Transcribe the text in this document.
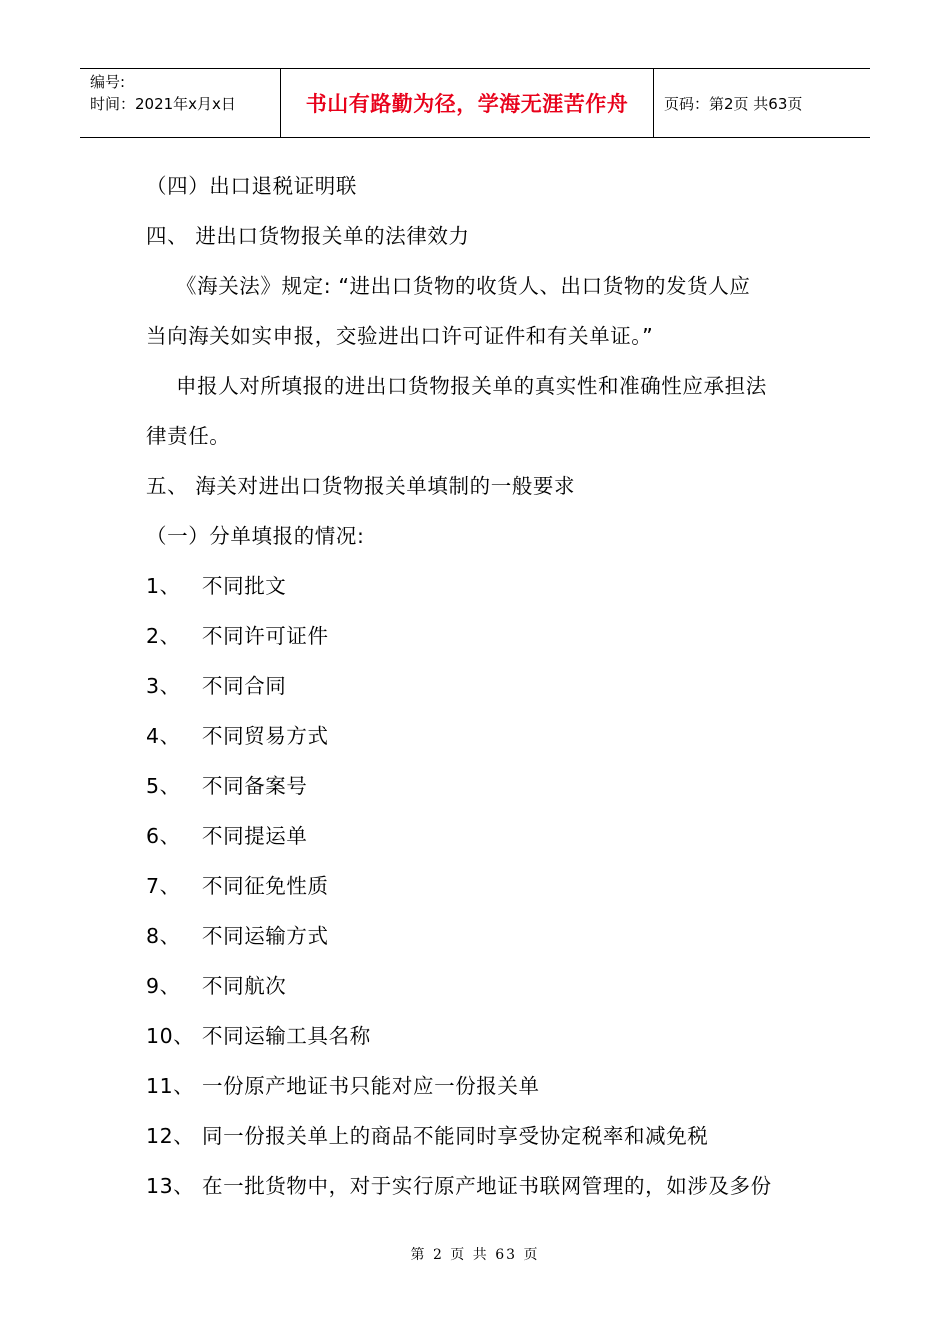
编号:
时间：2021年x月x日	书山有路勤为径，学海无涯苦作舟	页码：第2页 共63页
（四）出口退税证明联
四、 进出口货物报关单的法律效力
《海关法》规定: “进出口货物的收货人、出口货物的发货人应
当向海关如实申报，交验进出口许可证件和有关单证。”
申报人对所填报的进出口货物报关单的真实性和准确性应承担法
律责任。
五、 海关对进出口货物报关单填制的一般要求
（一）分单填报的情况:
1、 不同批文
2、 不同许可证件
3、 不同合同
4、 不同贸易方式
5、 不同备案号
6、 不同提运单
7、 不同征免性质
8、 不同运输方式
9、 不同航次
10、 不同运输工具名称
11、 一份原产地证书只能对应一份报关单
12、 同一份报关单上的商品不能同时享受协定税率和减免税
13、 在一批货物中，对于实行原产地证书联网管理的，如涉及多份
第 2 页 共 63 页
